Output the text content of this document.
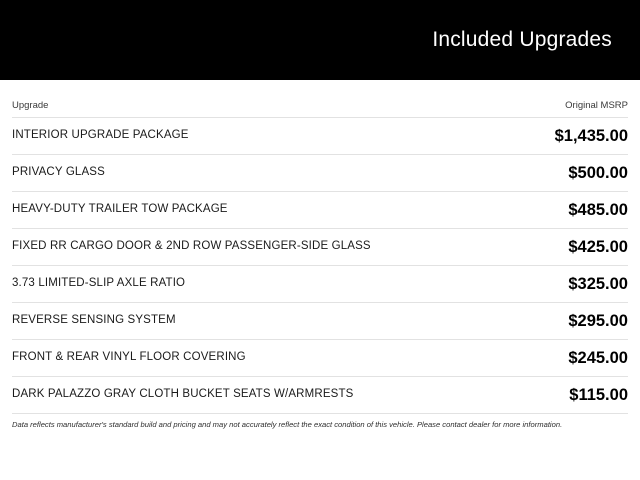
Included Upgrades
Upgrade	Original MSRP
INTERIOR UPGRADE PACKAGE	$1,435.00
PRIVACY GLASS	$500.00
HEAVY-DUTY TRAILER TOW PACKAGE	$485.00
FIXED RR CARGO DOOR & 2ND ROW PASSENGER-SIDE GLASS	$425.00
3.73 LIMITED-SLIP AXLE RATIO	$325.00
REVERSE SENSING SYSTEM	$295.00
FRONT & REAR VINYL FLOOR COVERING	$245.00
DARK PALAZZO GRAY CLOTH BUCKET SEATS W/ARMRESTS	$115.00
Data reflects manufacturer's standard build and pricing and may not accurately reflect the exact condition of this vehicle. Please contact dealer for more information.
